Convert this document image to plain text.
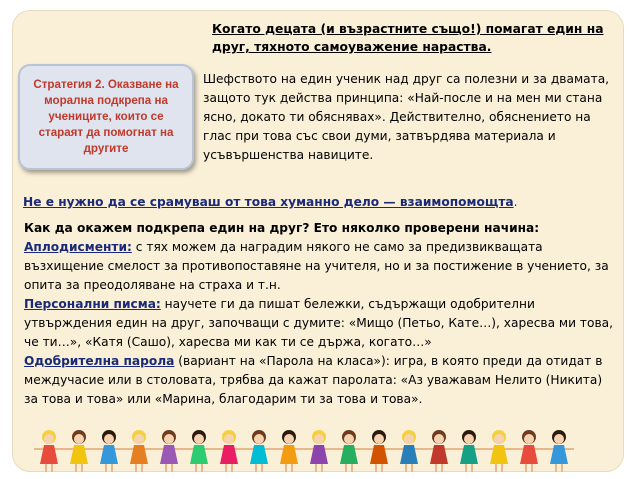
Когато децата (и възрастните също!) помагат един на друг, тяхното самоуважение нараства.
Стратегия 2. Оказване на морална подкрепа на учениците, които се стараят да помогнат на другите
Шефството на един ученик над друг са полезни и за двамата, защото тук действа принципа: «Най-после и на мен ми стана ясно, докато ти обяснявах». Действително, обяснението на глас при това със свои думи, затвърдява материала и усъвършенства навиците.
Не е нужно да се срамуваш от това хуманно дело — взаимопомощта.

Как да окажем подкрепа един на друг? Ето няколко проверени начина:

Аплодисменти: с тях можем да наградим някого не само за предизвикващата възхищение смелост за противопоставяне на учителя, но и за постижение в учението, за опита за преодоляване на страха и т.н.

Персонални писма: научете ги да пишат бележки, съдържащи одобрителни утвърждения един на друг, започващи с думите: «Мищо (Петьо, Кате…), харесва ми това, че ти…», «Катя (Сашо), харесва ми как ти се държа, когато…»

Одобрителна парола (вариант на «Парола на класа»): игра, в която преди да отидат в междучасие или в столовата, трябва да кажат паролата: «Аз уважавам Нелито (Никита) за това и това» или «Марина, благодарим ти за това и това».
